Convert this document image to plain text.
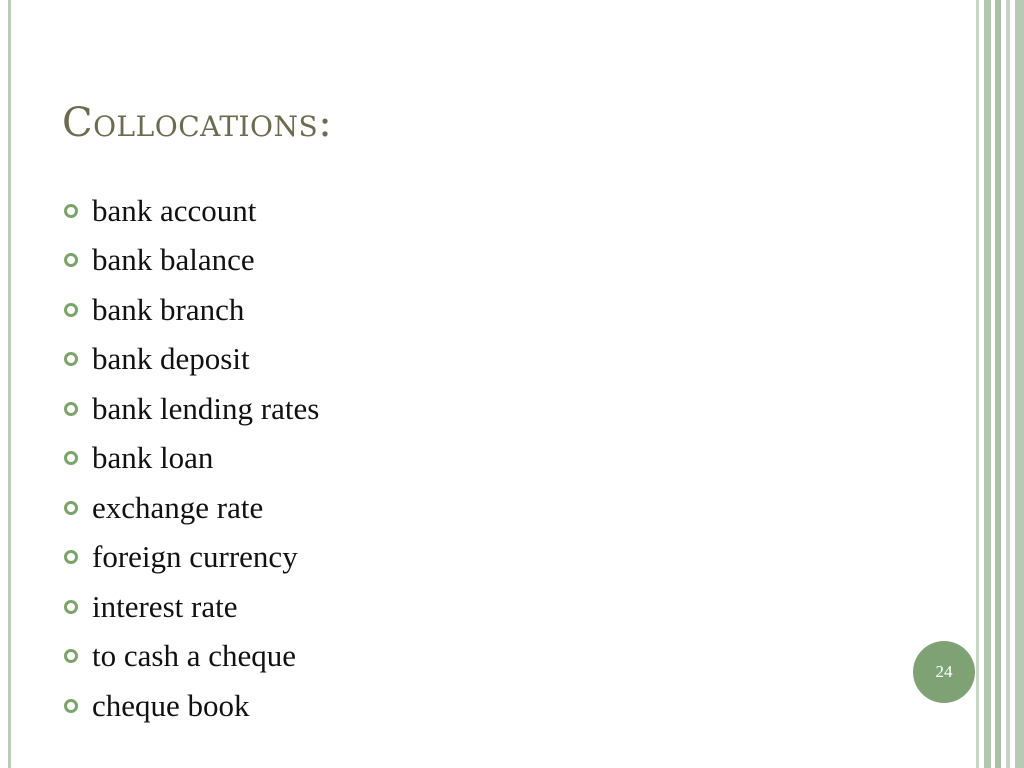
Collocations:
bank account
bank balance
bank branch
bank deposit
bank lending rates
bank loan
exchange rate
foreign currency
interest rate
to cash a cheque
cheque book
24
